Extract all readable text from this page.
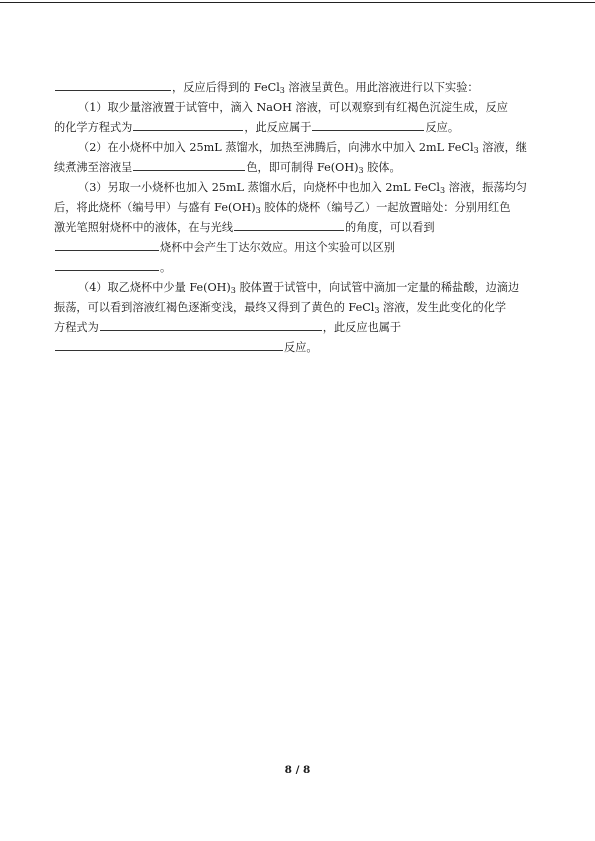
，反应后得到的 FeCl$_3$ 溶液呈黄色。用此溶液进行以下实验：
（1）取少量溶液置于试管中，滴入 NaOH 溶液，可以观察到有红褐色沉淀生成，反应
的化学方程式为	，此反应属于	反应。
（2）在小烧杯中加入 25mL 蒸馏水，加热至沸腾后，向沸水中加入 2mL FeCl$_3$ 溶液，继
续煮沸至溶液呈	色，即可制得 $Fe(OH)_3$ 胶体。
（3）另取一小烧杯也加入 25mL 蒸馏水后，向烧杯中也加入 2mL FeCl$_3$ 溶液，振荡均匀
后，将此烧杯（编号甲）与盛有 $Fe(OH)_3$ 胶体的烧杯（编号乙）一起放置暗处：分别用红色
激光笔照射烧杯中的液体，在与光线	的角度，可以看到
烧杯中会产生丁达尔效应。用这个实验可以区别
。
（4）取乙烧杯中少量 $Fe(OH)_3$ 胶体置于试管中，向试管中滴加一定量的稀盐酸，边滴边
振荡，可以看到溶液红褐色逐渐变浅，最终又得到了黄色的 FeCl$_3$ 溶液，发生此变化的化学
方程式为	，此反应也属于
反应。
8 / 8
